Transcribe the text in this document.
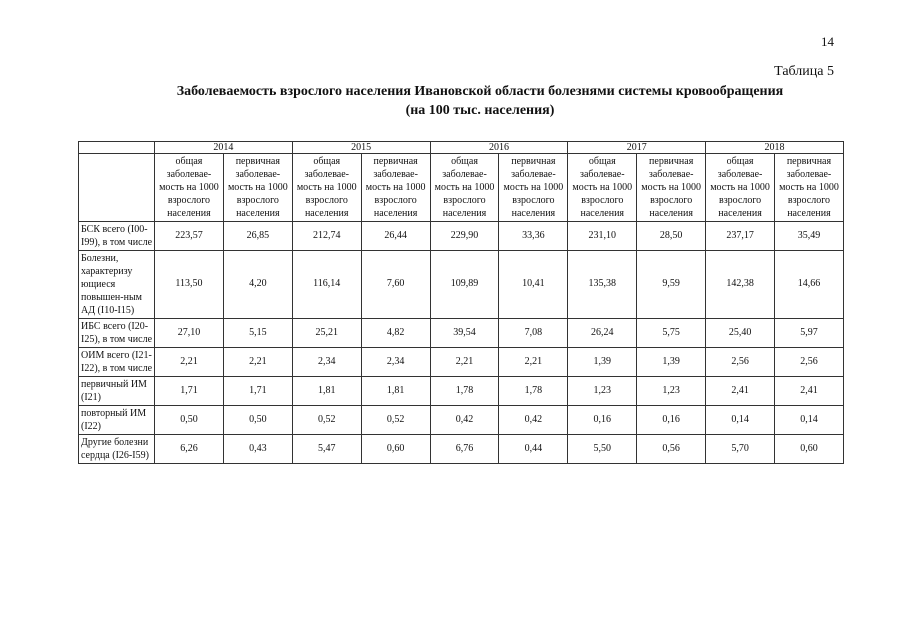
14
Таблица 5
Заболеваемость взрослого населения Ивановской области болезнями системы кровообращения
(на 100 тыс. населения)
	2014		2015		2016		2017		2018	
	общая заболевае-мость на 1000 взрослого населения	первичная заболевае-мость на 1000 взрослого населения	общая заболевае-мость на 1000 взрослого населения	первичная заболевае-мость на 1000 взрослого населения	общая заболевае-мость на 1000 взрослого населения	первичная заболевае-мость на 1000 взрослого населения	общая заболевае-мость на 1000 взрослого населения	первичная заболевае-мость на 1000 взрослого населения	общая заболевае-мость на 1000 взрослого населения	первичная заболевае-мость на 1000 взрослого населения
БСК всего (I00-I99), в том числе	223,57	26,85	212,74	26,44	229,90	33,36	231,10	28,50	237,17	35,49
Болезни, характеризу ющиеся повышен-ным АД (I10-I15)	113,50	4,20	116,14	7,60	109,89	10,41	135,38	9,59	142,38	14,66
ИБС всего (I20-I25), в том числе	27,10	5,15	25,21	4,82	39,54	7,08	26,24	5,75	25,40	5,97
ОИМ всего (I21-I22), в том числе	2,21	2,21	2,34	2,34	2,21	2,21	1,39	1,39	2,56	2,56
первичный ИМ (I21)	1,71	1,71	1,81	1,81	1,78	1,78	1,23	1,23	2,41	2,41
повторный ИМ (I22)	0,50	0,50	0,52	0,52	0,42	0,42	0,16	0,16	0,14	0,14
Другие болезни сердца (I26-I59)	6,26	0,43	5,47	0,60	6,76	0,44	5,50	0,56	5,70	0,60
